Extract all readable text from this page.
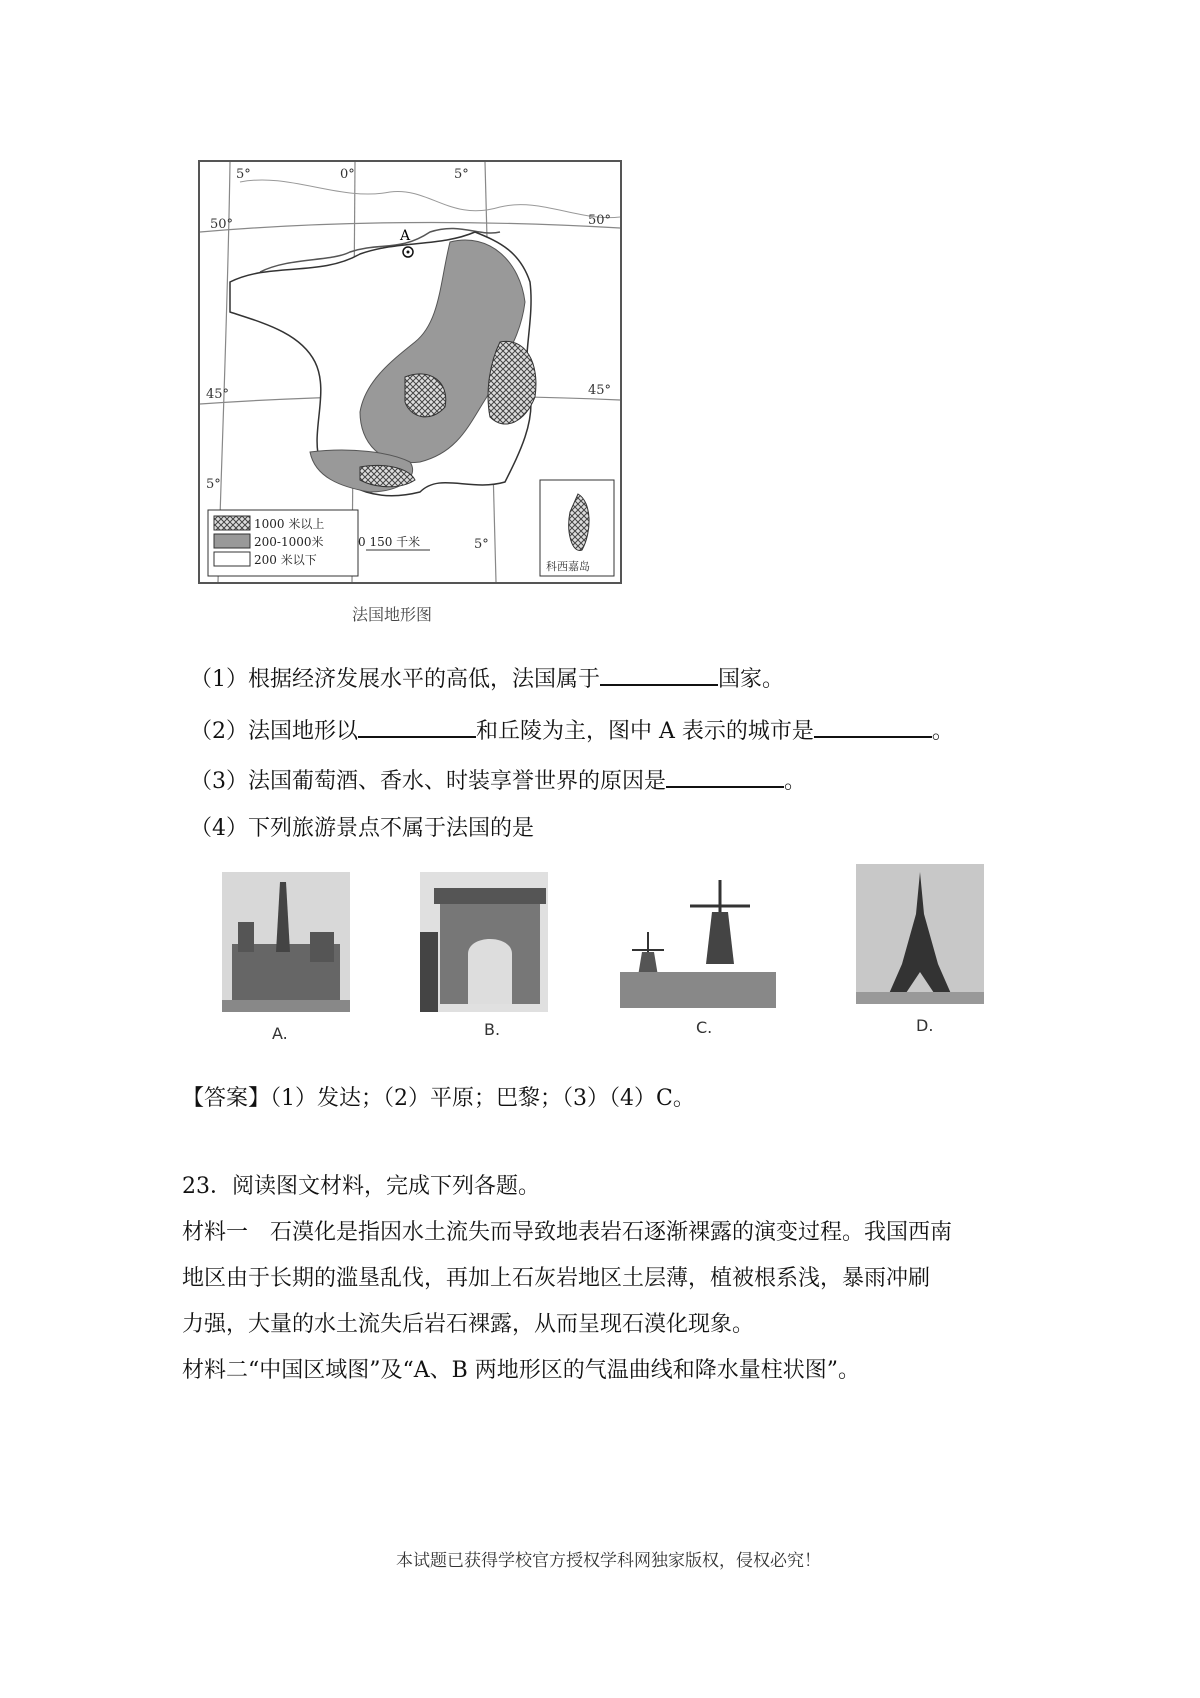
A
50°	50°
45°	45°
5°	0°	5°
5°
5°
科西嘉岛
1000 米以上
200-1000米
200 米以下
0 150 千米
法国地形图
（1）根据经济发展水平的高低，法国属于	国家。
（2）法国地形以	和丘陵为主，图中 A 表示的城市是	。
（3）法国葡萄酒、香水、时装享誉世界的原因是	。
（4）下列旅游景点不属于法国的是
A.	B.	C.	D.
【答案】（1）发达；（2）平原；巴黎；（3）（4）C。
23．阅读图文材料，完成下列各题。
材料一　石漠化是指因水土流失而导致地表岩石逐渐裸露的演变过程。我国西南
地区由于长期的滥垦乱伐，再加上石灰岩地区土层薄，植被根系浅，暴雨冲刷
力强，大量的水土流失后岩石裸露，从而呈现石漠化现象。
材料二“中国区域图”及“A、B 两地形区的气温曲线和降水量柱状图”。
本试题已获得学校官方授权学科网独家版权，侵权必究！
